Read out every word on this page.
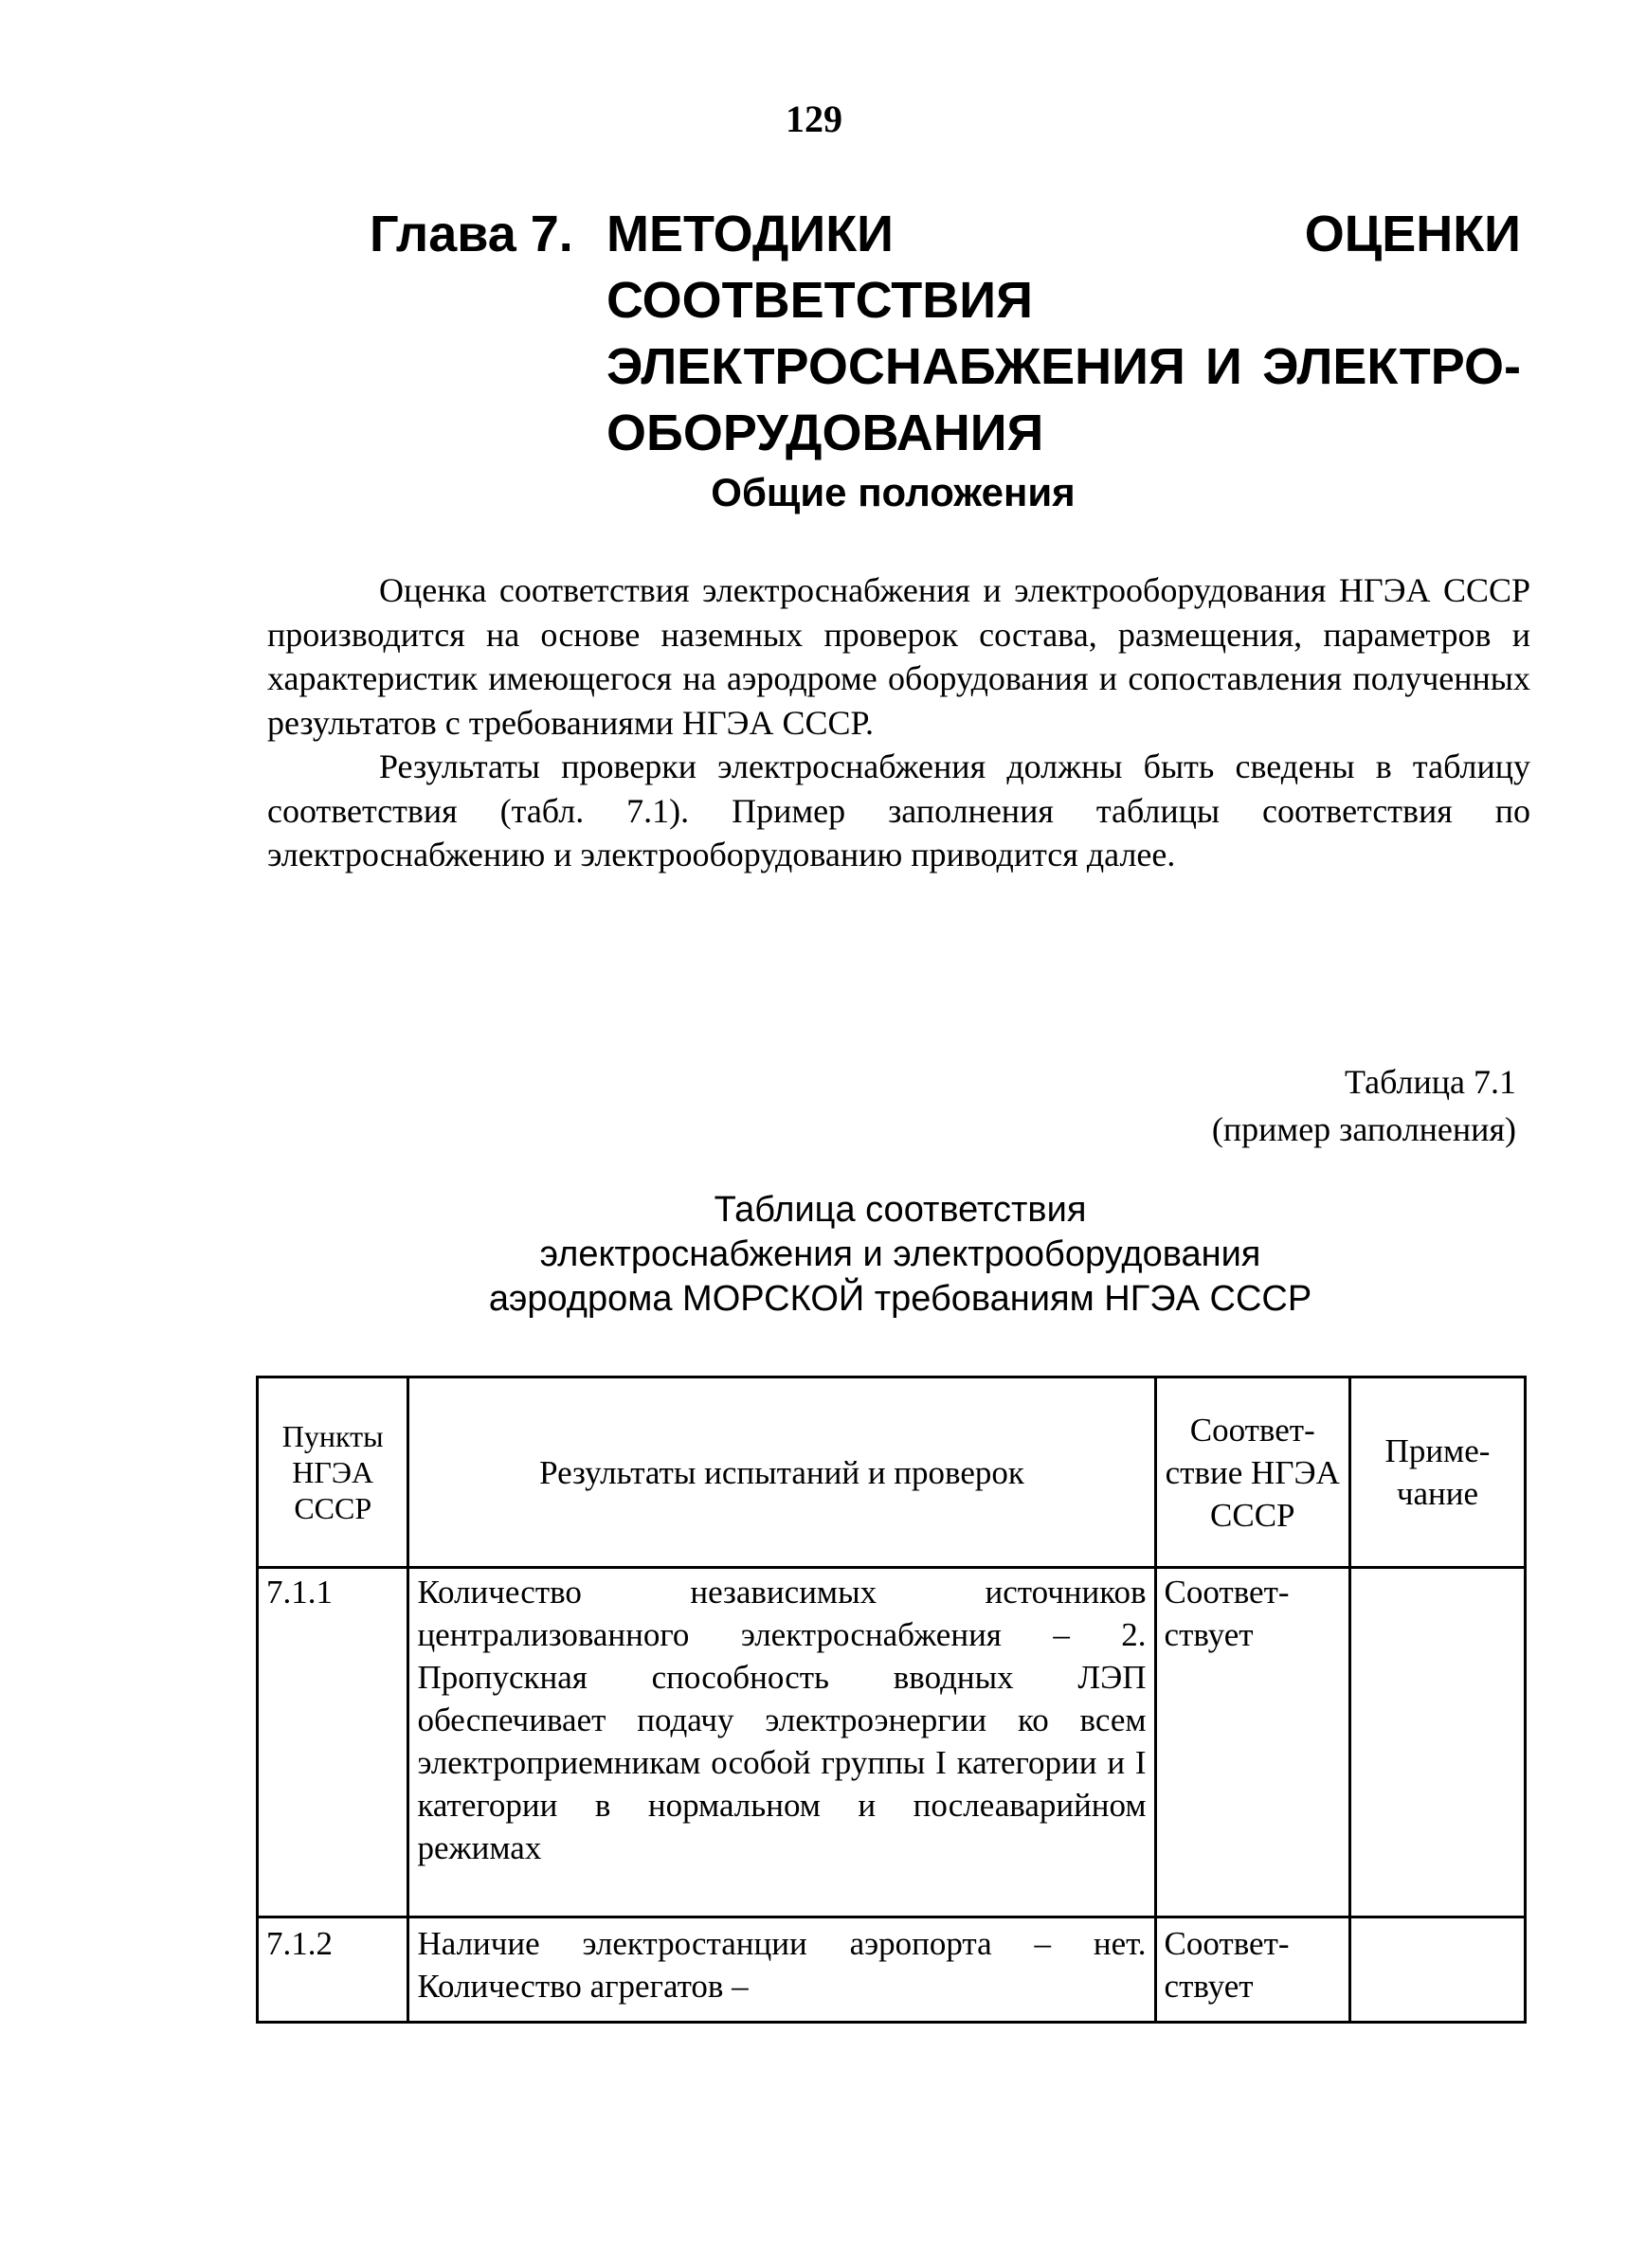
129
Глава 7. МЕТОДИКИ ОЦЕНКИ СООТВЕТСТВИЯ ЭЛЕКТРОСНАБЖЕНИЯ И ЭЛЕКТРООБОРУДОВАНИЯ
Общие положения

Оценка соответствия электроснабжения и электрооборудования НГЭА СССР производится на основе наземных проверок состава, размещения, параметров и характеристик имеющегося на аэродроме оборудования и сопоставления полученных результатов с требованиями НГЭА СССР.

Результаты проверки электроснабжения должны быть сведены в таблицу соответствия (табл. 7.1). Пример заполнения таблицы соответствия по электроснабжению и электрооборудованию приводится далее.

Таблица 7.1
(пример заполнения)
Таблица соответствия
электроснабжения и электрооборудования
аэродрома МОРСКОЙ требованиям НГЭА СССР
Пункты НГЭА СССР	Результаты испытаний и проверок	Соответствие НГЭА СССР	Примечание
7.1.1	Количество независимых источников централизованного электроснабжения – 2. Пропускная способность вводных ЛЭП обеспечивает подачу электроэнергии ко всем электроприемникам особой группы I категории и I категории в нормальном и послеаварийном режимах	Соответствует	
7.1.2	Наличие электростанции аэропорта – нет. Количество агрегатов –	Соответствует	
